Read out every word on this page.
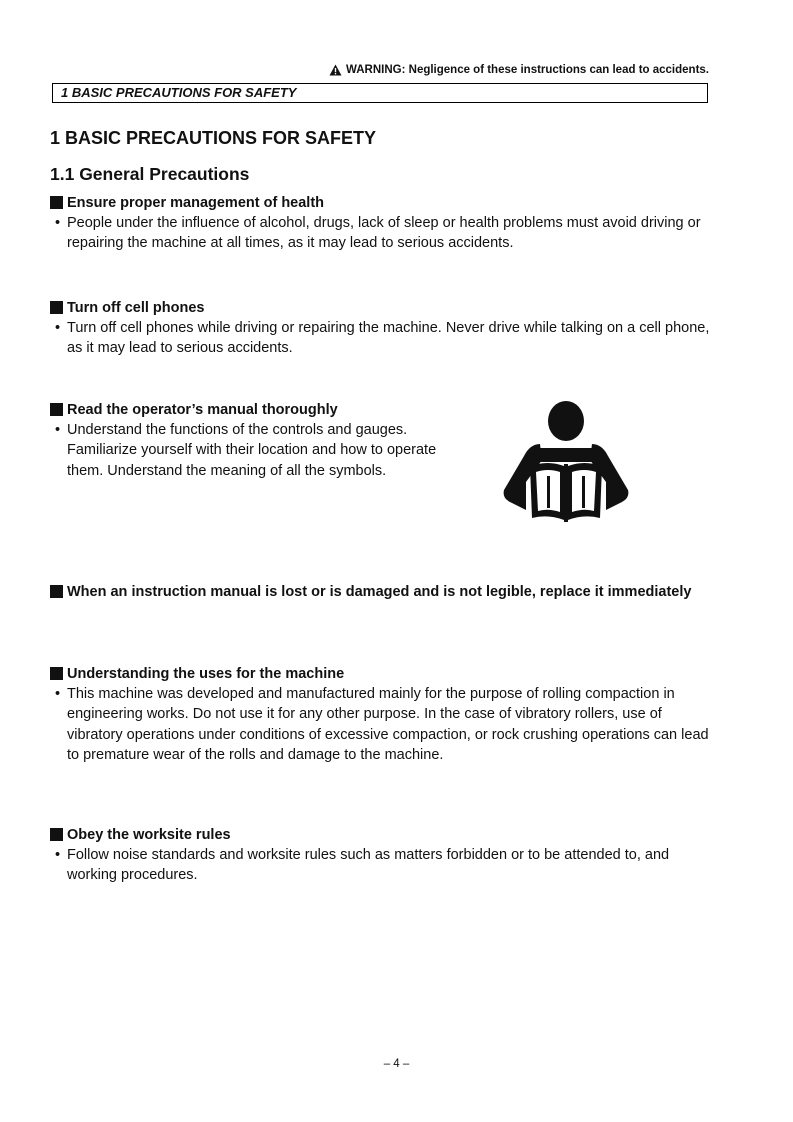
WARNING: Negligence of these instructions can lead to accidents.
1 BASIC PRECAUTIONS FOR SAFETY
1 BASIC PRECAUTIONS FOR SAFETY
1.1 General Precautions
Ensure proper management of health
• People under the influence of alcohol, drugs, lack of sleep or health problems must avoid driving or repairing the machine at all times, as it may lead to serious accidents.
Turn off cell phones
• Turn off cell phones while driving or repairing the machine. Never drive while talking on a cell phone, as it may lead to serious accidents.
Read the operator’s manual thoroughly
• Understand the functions of the controls and gauges. Familiarize yourself with their location and how to operate them. Understand the meaning of all the symbols.
When an instruction manual is lost or is damaged and is not legible, replace it immediately
Understanding the uses for the machine
• This machine was developed and manufactured mainly for the purpose of rolling compaction in engineering works. Do not use it for any other purpose. In the case of vibratory rollers, use of vibratory operations under conditions of excessive compaction, or rock crushing operations can lead to premature wear of the rolls and damage to the machine.
Obey the worksite rules
• Follow noise standards and worksite rules such as matters forbidden or to be attended to, and working procedures.
– 4 –
